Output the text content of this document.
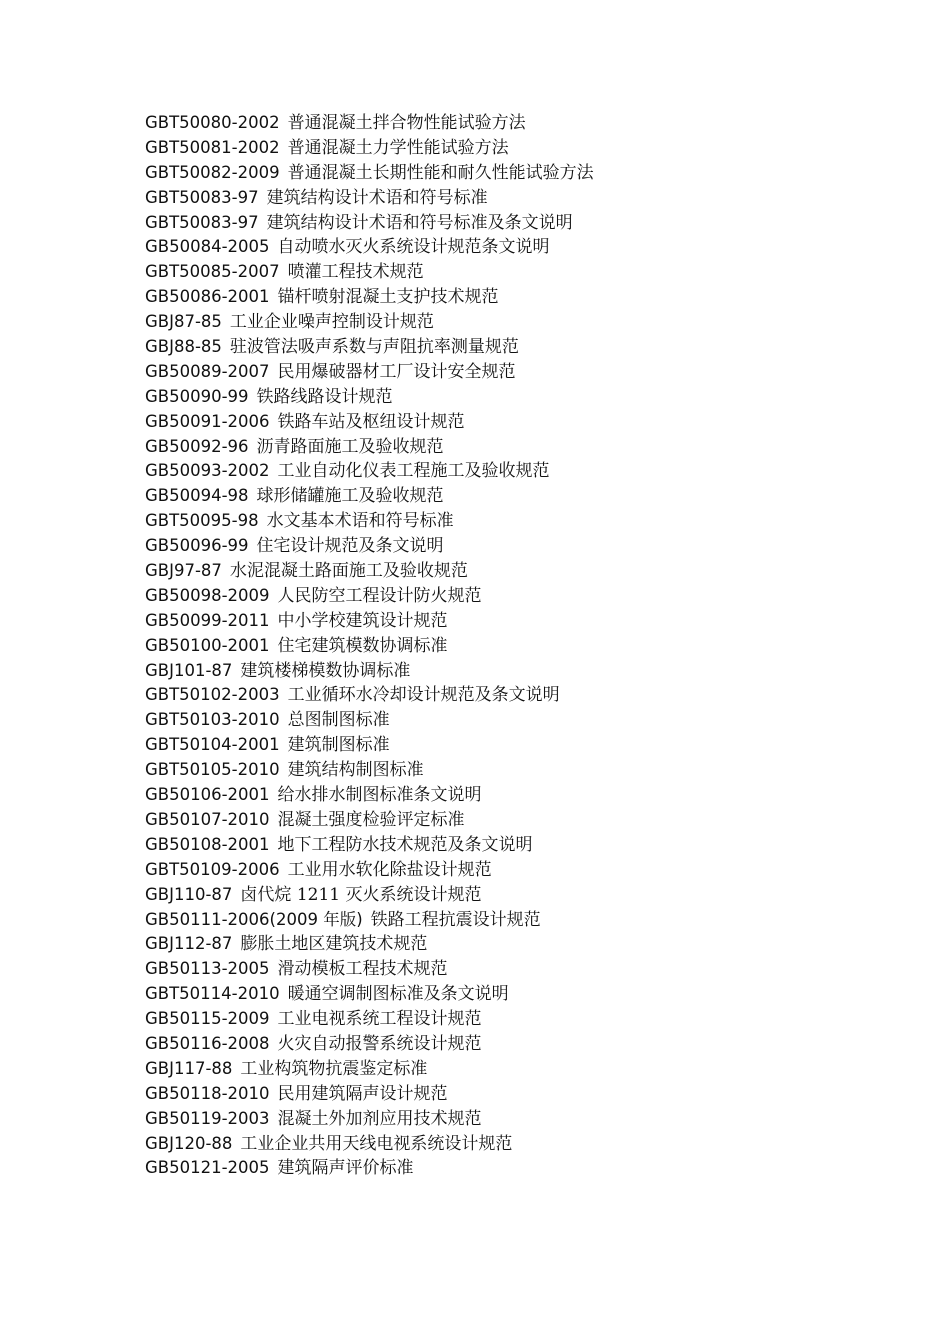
GBT50080-2002 普通混凝土拌合物性能试验方法
GBT50081-2002 普通混凝土力学性能试验方法
GBT50082-2009 普通混凝土长期性能和耐久性能试验方法
GBT50083-97 建筑结构设计术语和符号标准
GBT50083-97 建筑结构设计术语和符号标准及条文说明
GB50084-2005 自动喷水灭火系统设计规范条文说明
GBT50085-2007 喷灌工程技术规范
GB50086-2001 锚杆喷射混凝土支护技术规范
GBJ87-85 工业企业噪声控制设计规范
GBJ88-85 驻波管法吸声系数与声阻抗率测量规范
GB50089-2007 民用爆破器材工厂设计安全规范
GB50090-99 铁路线路设计规范
GB50091-2006 铁路车站及枢纽设计规范
GB50092-96 沥青路面施工及验收规范
GB50093-2002 工业自动化仪表工程施工及验收规范
GB50094-98 球形储罐施工及验收规范
GBT50095-98 水文基本术语和符号标准
GB50096-99 住宅设计规范及条文说明
GBJ97-87 水泥混凝土路面施工及验收规范
GB50098-2009 人民防空工程设计防火规范
GB50099-2011 中小学校建筑设计规范
GB50100-2001 住宅建筑模数协调标准
GBJ101-87 建筑楼梯模数协调标准
GBT50102-2003 工业循环水冷却设计规范及条文说明
GBT50103-2010 总图制图标准
GBT50104-2001 建筑制图标准
GBT50105-2010 建筑结构制图标准
GB50106-2001 给水排水制图标准条文说明
GB50107-2010 混凝土强度检验评定标准
GB50108-2001 地下工程防水技术规范及条文说明
GBT50109-2006 工业用水软化除盐设计规范
GBJ110-87 卤代烷 1211 灭火系统设计规范
GB50111-2006(2009 年版) 铁路工程抗震设计规范
GBJ112-87 膨胀土地区建筑技术规范
GB50113-2005 滑动模板工程技术规范
GBT50114-2010 暖通空调制图标准及条文说明
GB50115-2009 工业电视系统工程设计规范
GB50116-2008 火灾自动报警系统设计规范
GBJ117-88 工业构筑物抗震鉴定标准
GB50118-2010 民用建筑隔声设计规范
GB50119-2003 混凝土外加剂应用技术规范
GBJ120-88 工业企业共用天线电视系统设计规范
GB50121-2005 建筑隔声评价标准
